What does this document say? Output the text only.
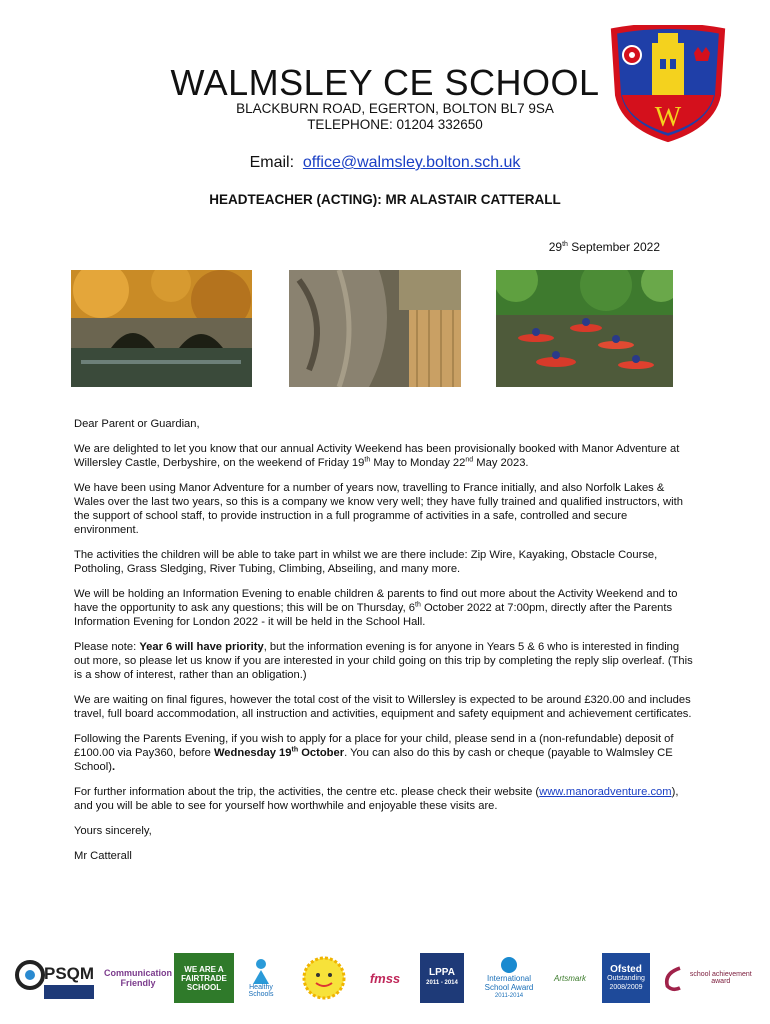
WALMSLEY CE SCHOOL
BLACKBURN ROAD, EGERTON, BOLTON BL7 9SA
TELEPHONE: 01204 332650
Email: office@walmsley.bolton.sch.uk
HEADTEACHER (ACTING): MR ALASTAIR CATTERALL
29th September 2022
W

Dear Parent or Guardian,

We are delighted to let you know that our annual Activity Weekend has been provisionally booked with Manor Adventure at Willersley Castle, Derbyshire, on the weekend of Friday 19th May to Monday 22nd May 2023.

We have been using Manor Adventure for a number of years now, travelling to France initially, and also Norfolk Lakes & Wales over the last two years, so this is a company we know very well; they have fully trained and qualified instructors, with the support of school staff, to provide instruction in a full programme of activities in a safe, controlled and secure environment.

The activities the children will be able to take part in whilst we are there include: Zip Wire, Kayaking, Obstacle Course, Potholing, Grass Sledging, River Tubing, Climbing, Abseiling, and many more.

We will be holding an Information Evening to enable children & parents to find out more about the Activity Weekend and to have the opportunity to ask any questions; this will be on Thursday, 6th October 2022 at 7:00pm, directly after the Parents Information Evening for London 2022 - it will be held in the School Hall.

Please note: Year 6 will have priority, but the information evening is for anyone in Years 5 & 6 who is interested in finding out more, so please let us know if you are interested in your child going on this trip by completing the reply slip overleaf. (This is a show of interest, rather than an obligation.)

We are waiting on final figures, however the total cost of the visit to Willersley is expected to be around £320.00 and includes travel, full board accommodation, all instruction and activities, equipment and safety equipment and achievement certificates.

Following the Parents Evening, if you wish to apply for a place for your child, please send in a (non-refundable) deposit of £100.00 via Pay360, before Wednesday 19th October. You can also do this by cash or cheque (payable to Walmsley CE School).

For further information about the trip, the activities, the centre etc. please check their website (www.manoradventure.com), and you will be able to see for yourself how worthwhile and enjoyable these visits are.

Yours sincerely,

Mr Catterall

PSQM Communication Friendly
WE ARE A
FAIRTRADE SCHOOL	Healthy Schools
fmss	LPPA
2011 - 2014
International
School Award
2011-2014
Artsmark
Ofsted
Outstanding
2008/2009
school achievement award
